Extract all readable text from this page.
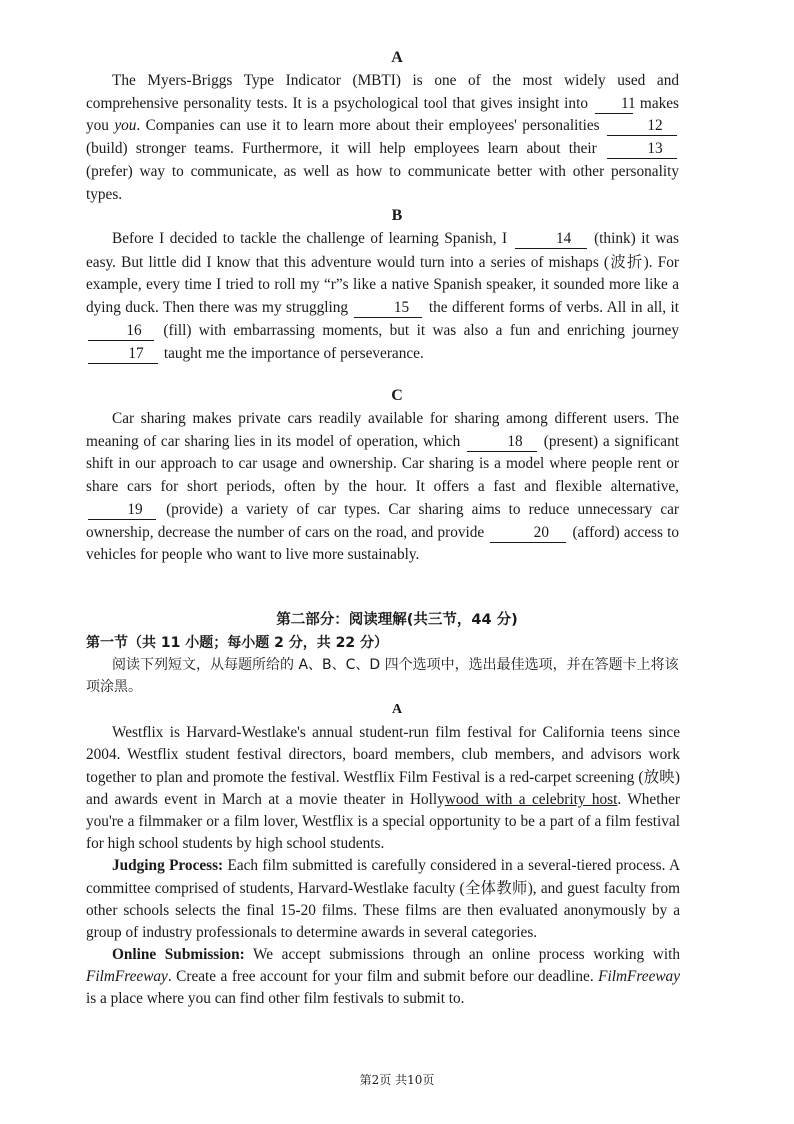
A

The Myers-Briggs Type Indicator (MBTI) is one of the most widely used and comprehensive personality tests. It is a psychological tool that gives insight into 11 makes you you. Companies can use it to learn more about their employees' personalities	12 (build) stronger teams. Furthermore, it will help employees learn about their	13 (prefer) way to communicate, as well as how to communicate better with other personality types.

B

Before I decided to tackle the challenge of learning Spanish, I	14 (think) it was easy. But little did I know that this adventure would turn into a series of mishaps (波折). For example, every time I tried to roll my “r”s like a native Spanish speaker, it sounded more like a dying duck. Then there was my struggling	15 the different forms of verbs. All in all, it 16 (fill) with embarrassing moments, but it was also a fun and enriching journey 17 taught me the importance of perseverance.

C

Car sharing makes private cars readily available for sharing among different users. The meaning of car sharing lies in its model of operation, which	18 (present) a significant shift in our approach to car usage and ownership. Car sharing is a model where people rent or share cars for short periods, often by the hour. It offers a fast and flexible alternative, 19 (provide) a variety of car types. Car sharing aims to reduce unnecessary car ownership, decrease the number of cars on the road, and provide	20 (afford) access to vehicles for people who want to live more sustainably.

第二部分：阅读理解(共三节，44 分)

第一节（共 11 小题；每小题 2 分，共 22 分）

阅读下列短文，从每题所给的 A、B、C、D 四个选项中，选出最佳选项，并在答题卡上将该项涂黑。

A

Westflix is Harvard-Westlake's annual student-run film festival for California teens since 2004. Westflix student festival directors, board members, club members, and advisors work together to plan and promote the festival. Westflix Film Festival is a red-carpet screening (放映) and awards event in March at a movie theater in Hollywood with a celebrity host. Whether you're a filmmaker or a film lover, Westflix is a special opportunity to be a part of a film festival for high school students by high school students.

Judging Process: Each film submitted is carefully considered in a several-tiered process. A committee comprised of students, Harvard-Westlake faculty (全体教师), and guest faculty from other schools selects the final 15-20 films. These films are then evaluated anonymously by a group of industry professionals to determine awards in several categories.

Online Submission: We accept submissions through an online process working with FilmFreeway. Create a free account for your film and submit before our deadline. FilmFreeway is a place where you can find other film festivals to submit to.

第2页 共10页
